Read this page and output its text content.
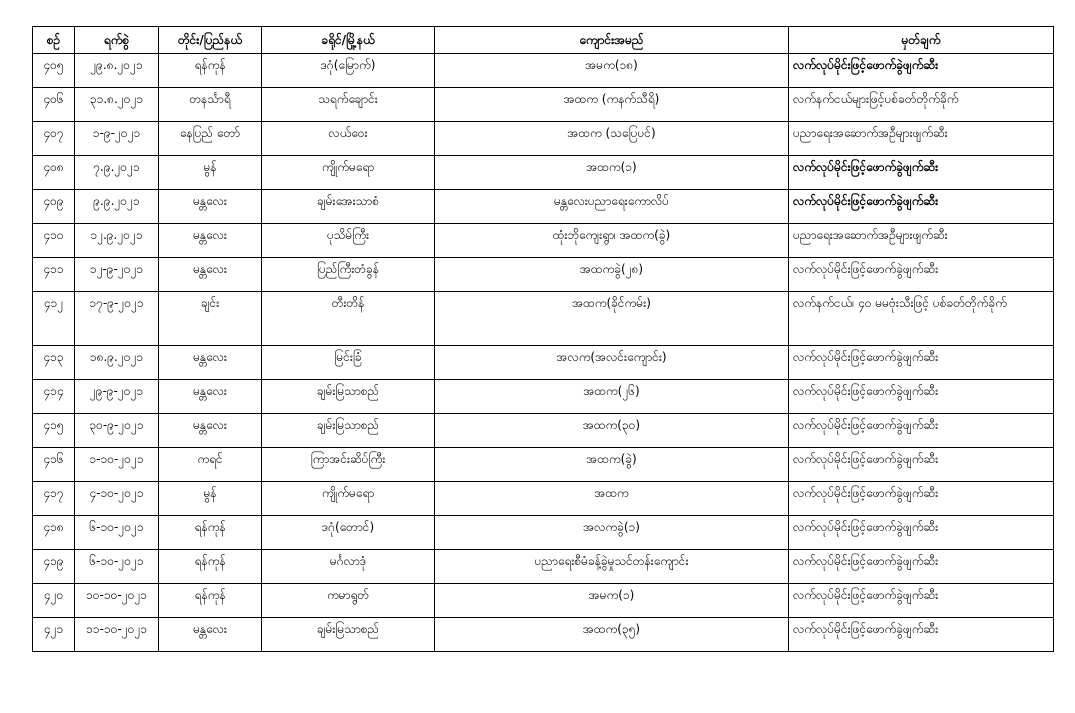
စဉ်	ရက်စွဲ	တိုင်း/ပြည်နယ်	ခရိုင်/မြို့နယ်	ကျောင်းအမည်	မှတ်ချက်
၄၀၅	၂၉.၈.၂၀၂၁	ရန်ကုန်	ဒဂုံ(မြောက်)	အမက(၁၈)	လက်လုပ်မိုင်းဖြင့်ဖောက်ခွဲဖျက်ဆီး
၄၀၆	၃၁.၈.၂၀၂၁	တနင်္သာရီ	သရက်ချောင်း	အထက (ကနက်သီရိ)	လက်နက်ငယ်များဖြင့်ပစ်ခတ်တိုက်ခိုက်
၄၀၇	၁-၉-၂၀၂၁	နေပြည် တော်	လယ်ဝေး	အထက (သပြေပင်)	ပညာရေးအဆောက်အဦများဖျက်ဆီး
၄၀၈	၇.၉.၂၀၂၁	မွန်	ကျိုက်မရော	အထက(၁)	လက်လုပ်မိုင်းဖြင့်ဖောက်ခွဲဖျက်ဆီး
၄၀၉	၉.၉.၂၀၂၁	မန္တလေး	ချမ်းအေးသာစံ	မန္တလေးပညာရေးကောလိပ်	လက်လုပ်မိုင်းဖြင့်ဖောက်ခွဲဖျက်ဆီး
၄၁၀	၁၂.၉.၂၀၂၁	မန္တလေး	ပုသိမ်ကြီး	ထုံးဘိုကျေးရွာ၊ အထက(ခွဲ)	ပညာရေးအဆောက်အဦများဖျက်ဆီး
၄၁၁	၁၂-၉-၂၀၂၁	မန္တလေး	ပြည်ကြီးတံခွန်	အထကခွဲ(၂၈)	လက်လုပ်မိုင်းဖြင့်ဖောက်ခွဲဖျက်ဆီး
၄၁၂	၁၇-၉-၂၀၂၁	ချင်း	တီးတိန်	အထက(ခိုင်ကမ်း)	လက်နက်ငယ်၊ ၄၀ မမဗုံးသီးဖြင့် ပစ်ခတ်တိုက်ခိုက်
၄၁၃	၁၈.၉.၂၀၂၁	မန္တလေး	မြင်းခြံ	အလက(အလင်းကျောင်း)	လက်လုပ်မိုင်းဖြင့်ဖောက်ခွဲဖျက်ဆီး
၄၁၄	၂၉-၉-၂၀၂၁	မန္တလေး	ချမ်းမြသာစည်	အထက(၂၆)	လက်လုပ်မိုင်းဖြင့်ဖောက်ခွဲဖျက်ဆီး
၄၁၅	၃၀-၉-၂၀၂၁	မန္တလေး	ချမ်းမြသာစည်	အထက(၃၀)	လက်လုပ်မိုင်းဖြင့်ဖောက်ခွဲဖျက်ဆီး
၄၁၆	၁-၁၀-၂၀၂၁	ကရင်	ကြာအင်းဆိပ်ကြီး	အထက(ခွဲ)	လက်လုပ်မိုင်းဖြင့်ဖောက်ခွဲဖျက်ဆီး
၄၁၇	၄-၁၀-၂၀၂၁	မွန်	ကျိုက်မရော	အထက	လက်လုပ်မိုင်းဖြင့်ဖောက်ခွဲဖျက်ဆီး
၄၁၈	၆-၁၀-၂၀၂၁	ရန်ကုန်	ဒဂုံ(တောင်)	အလကခွဲ(၁)	လက်လုပ်မိုင်းဖြင့်ဖောက်ခွဲဖျက်ဆီး
၄၁၉	၆-၁၀-၂၀၂၁	ရန်ကုန်	မင်္ဂလာဒုံ	ပညာရေးစီမံခန့်ခွဲမှုသင်တန်းကျောင်း	လက်လုပ်မိုင်းဖြင့်ဖောက်ခွဲဖျက်ဆီး
၄၂၀	၁၀-၁၀-၂၀၂၁	ရန်ကုန်	ကမာရွတ်	အမက(၁)	လက်လုပ်မိုင်းဖြင့်ဖောက်ခွဲဖျက်ဆီး
၄၂၁	၁၁-၁၀-၂၀၂၁	မန္တလေး	ချမ်းမြသာစည်	အထက(၃၅)	လက်လုပ်မိုင်းဖြင့်ဖောက်ခွဲဖျက်ဆီး
